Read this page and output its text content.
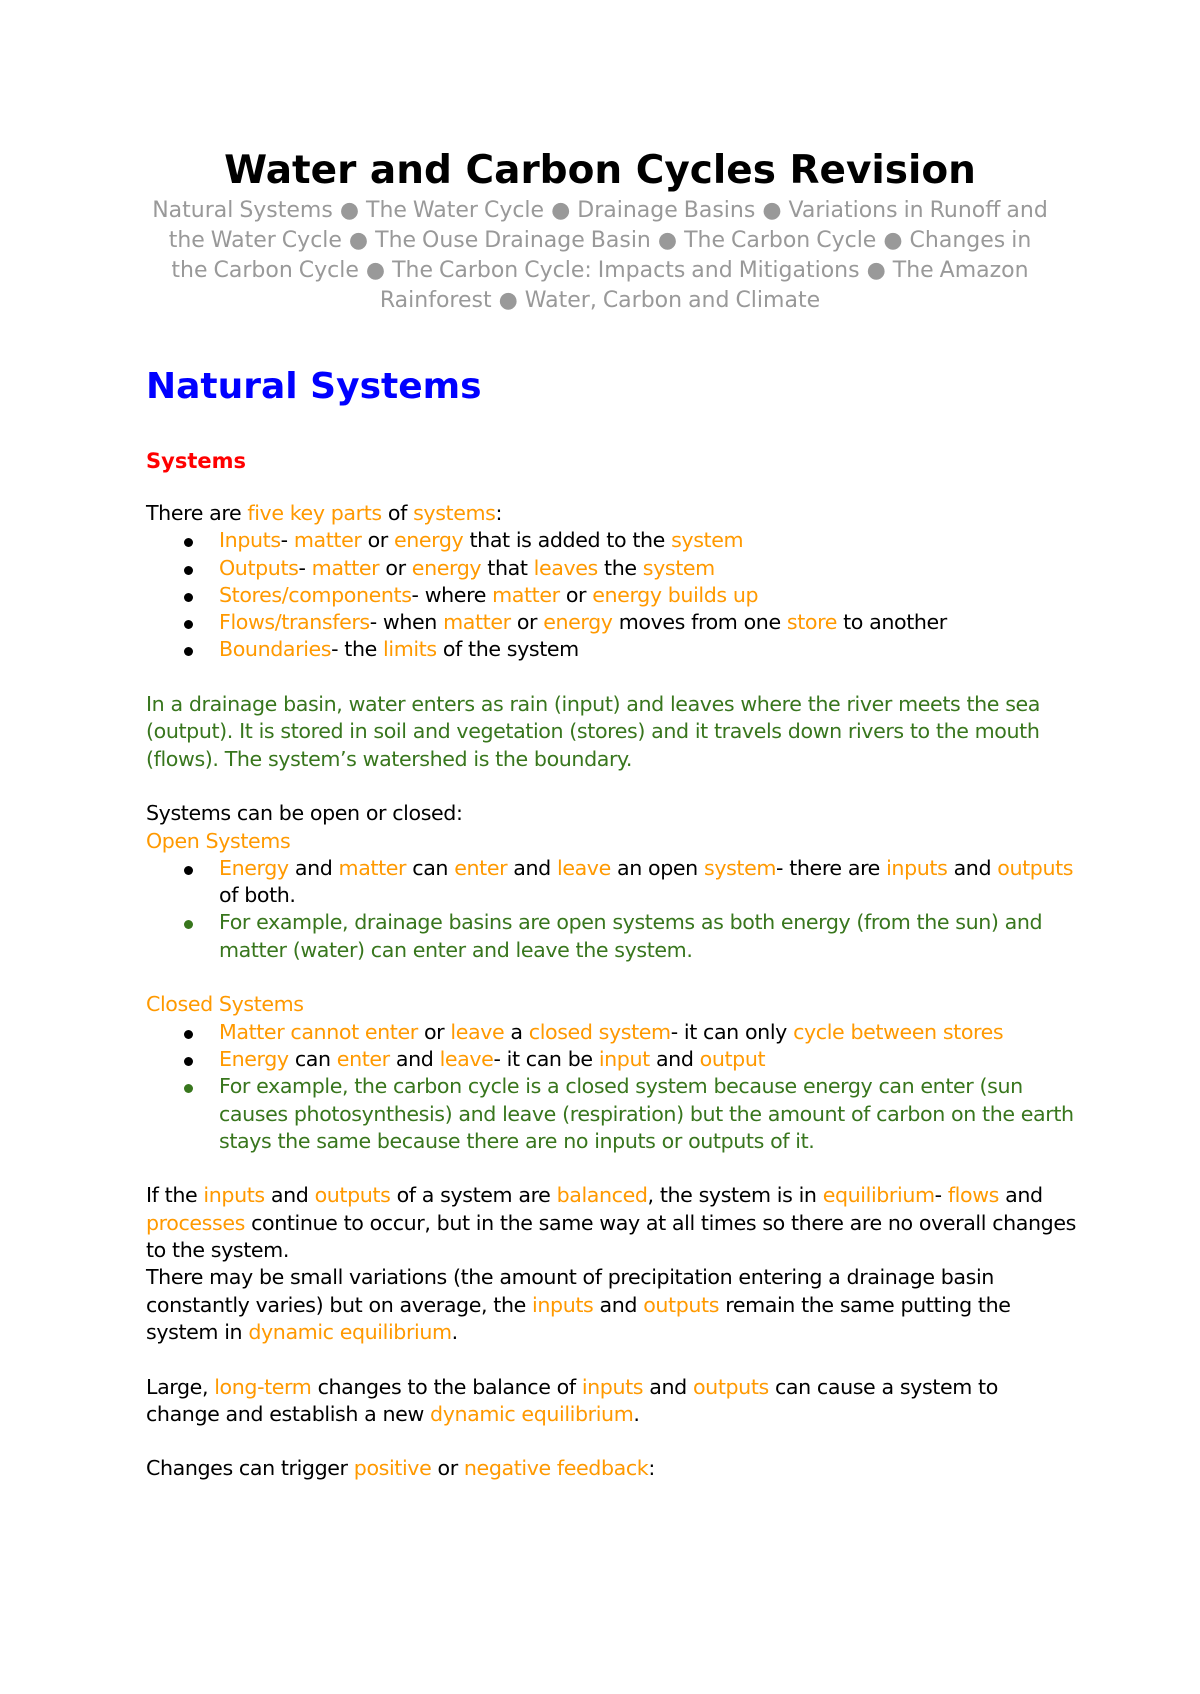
Water and Carbon Cycles Revision

Natural Systems ● The Water Cycle ● Drainage Basins ● Variations in Runoff and the Water Cycle ● The Ouse Drainage Basin ● The Carbon Cycle ● Changes in the Carbon Cycle ● The Carbon Cycle: Impacts and Mitigations ● The Amazon Rainforest ● Water, Carbon and Climate

Natural Systems
Systems

There are five key parts of systems:

Inputs- matter or energy that is added to the system
Outputs- matter or energy that leaves the system
Stores/components- where matter or energy builds up
Flows/transfers- when matter or energy moves from one store to another
Boundaries- the limits of the system

In a drainage basin, water enters as rain (input) and leaves where the river meets the sea (output). It is stored in soil and vegetation (stores) and it travels down rivers to the mouth (flows). The system’s watershed is the boundary.

Systems can be open or closed:

Open Systems

Energy and matter can enter and leave an open system- there are inputs and outputs of both.
For example, drainage basins are open systems as both energy (from the sun) and matter (water) can enter and leave the system.

Closed Systems

Matter cannot enter or leave a closed system- it can only cycle between stores
Energy can enter and leave- it can be input and output
For example, the carbon cycle is a closed system because energy can enter (sun causes photosynthesis) and leave (respiration) but the amount of carbon on the earth stays the same because there are no inputs or outputs of it.

If the inputs and outputs of a system are balanced, the system is in equilibrium- flows and processes continue to occur, but in the same way at all times so there are no overall changes to the system.

There may be small variations (the amount of precipitation entering a drainage basin constantly varies) but on average, the inputs and outputs remain the same putting the system in dynamic equilibrium.

Large, long-term changes to the balance of inputs and outputs can cause a system to change and establish a new dynamic equilibrium.

Changes can trigger positive or negative feedback:
